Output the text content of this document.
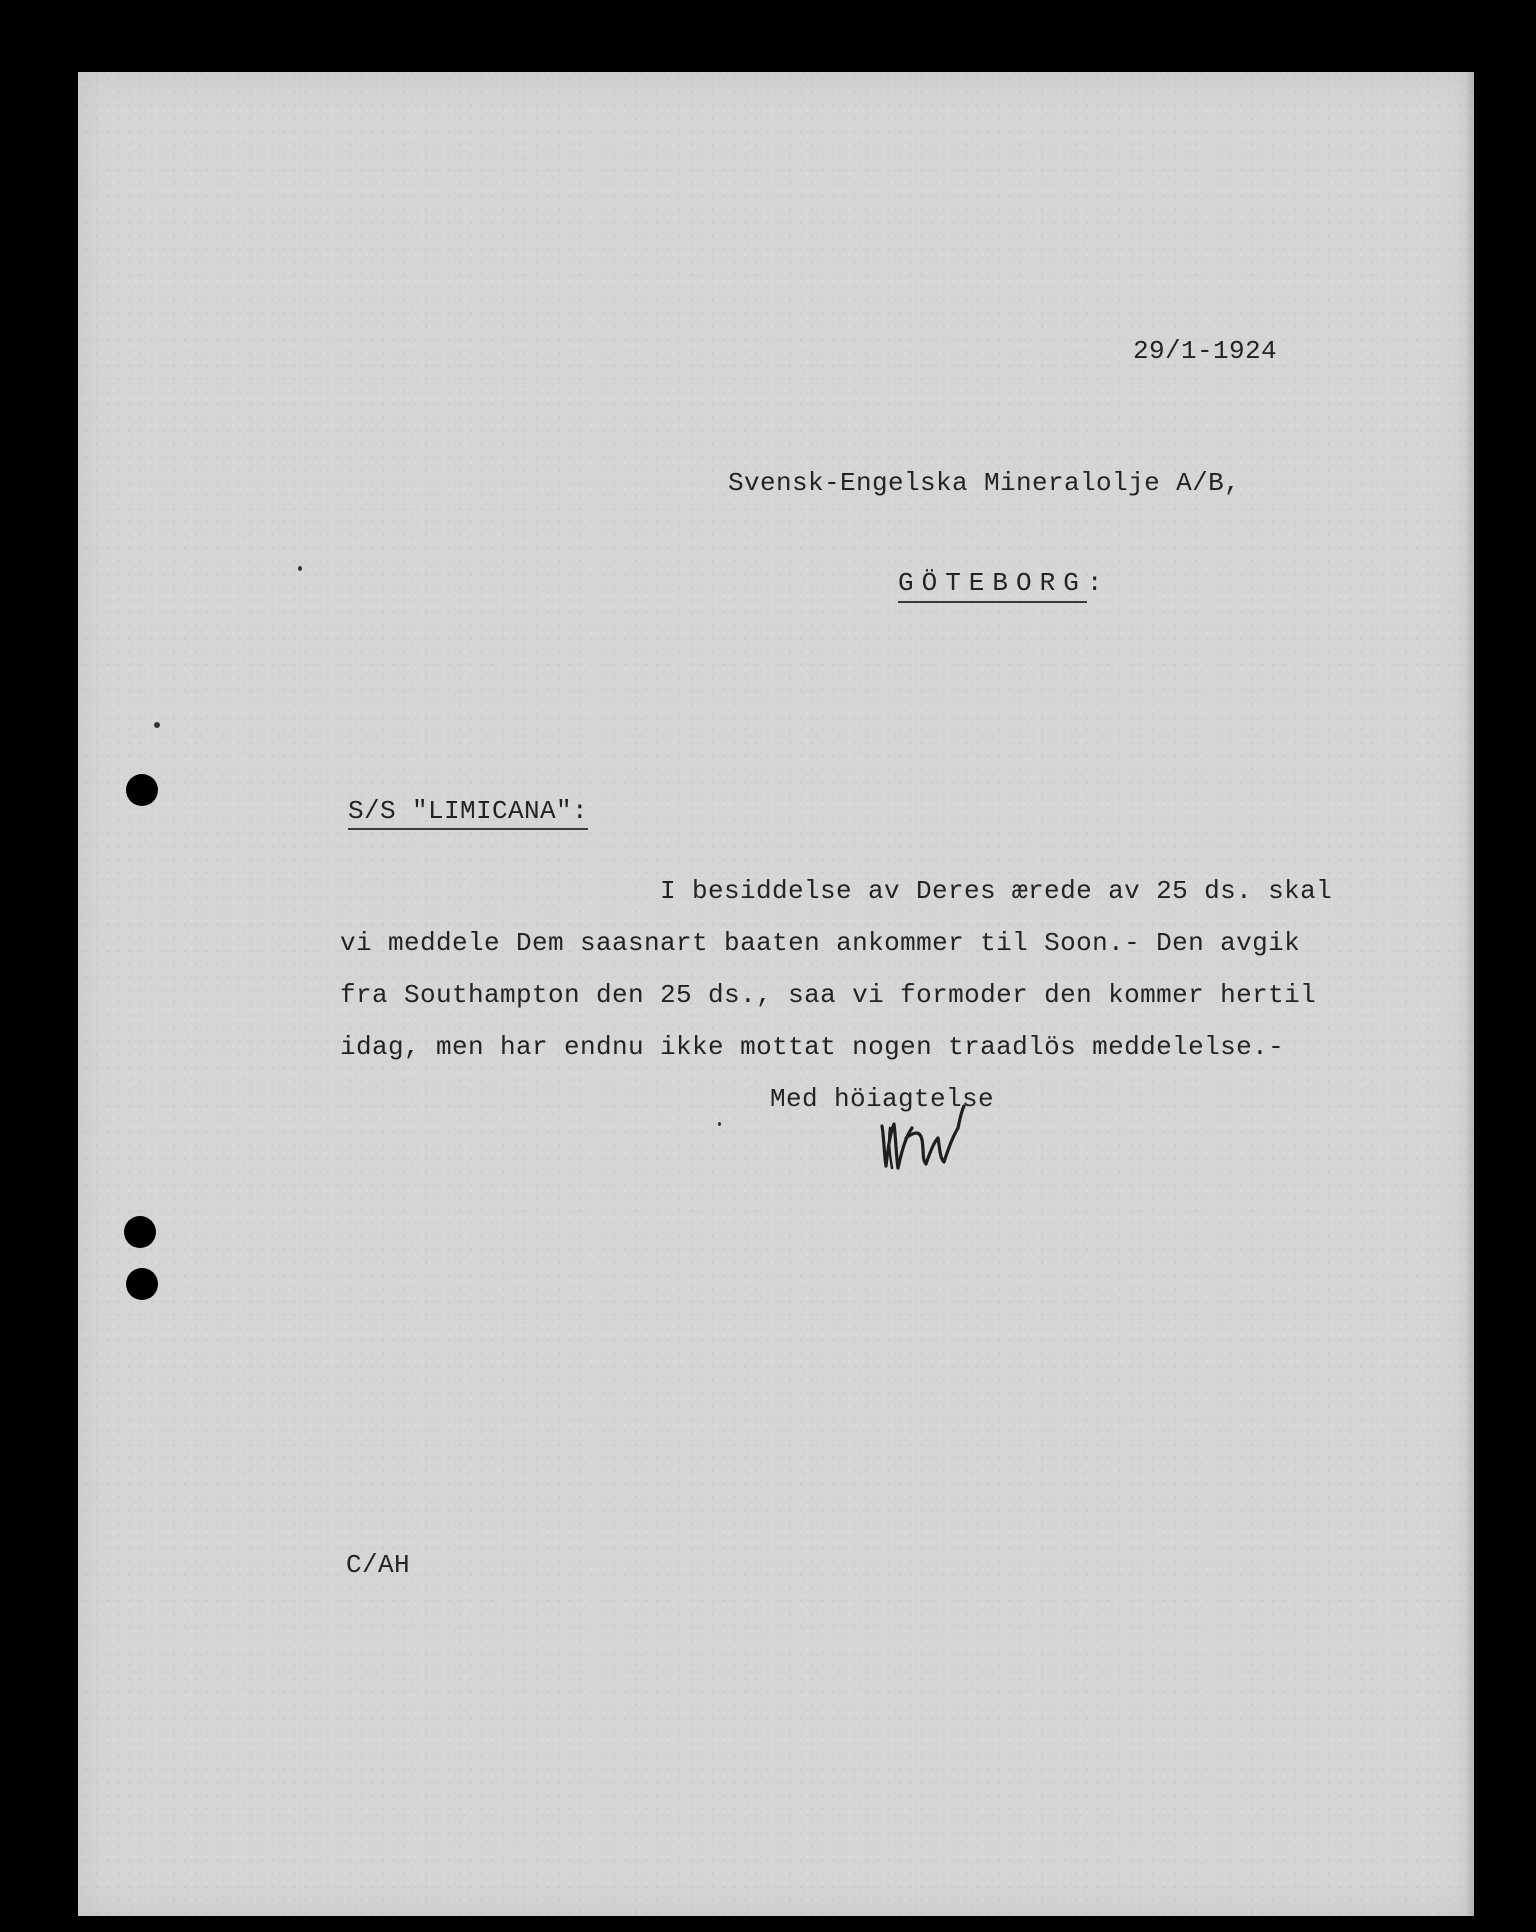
29/1-1924
Svensk-Engelska Mineralolje A/B,
GÖTEBORG:
S/S "LIMICANA":
I besiddelse av Deres ærede av 25 ds. skal
vi meddele Dem saasnart baaten ankommer til Soon.- Den avgik
fra Southampton den 25 ds., saa vi formoder den kommer hertil
idag, men har endnu ikke mottat nogen traadlös meddelelse.-
Med höiagtelse
C/AH
